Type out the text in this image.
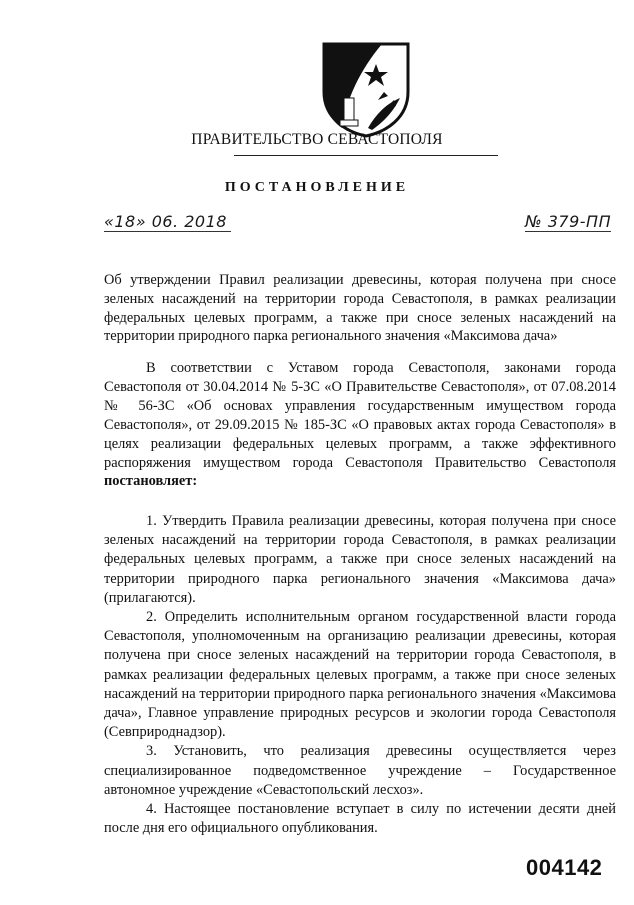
ПРАВИТЕЛЬСТВО СЕВАСТОПОЛЯ
ПОСТАНОВЛЕНИЕ
«18» 06. 2018	№ 379-ПП
Об утверждении Правил реализации древесины, которая получена при сносе зеленых насаждений на территории города Севастополя, в рамках реализации федеральных целевых программ, а также при сносе зеленых насаждений на территории природного парка регионального значения «Максимова дача»
В соответствии с Уставом города Севастополя, законами города Севастополя от 30.04.2014 № 5-ЗС «О Правительстве Севастополя», от 07.08.2014 № 56-ЗС «Об основах управления государственным имуществом города Севастополя», от 29.09.2015 № 185-ЗС «О правовых актах города Севастополя» в целях реализации федеральных целевых программ, а также эффективного распоряжения имуществом города Севастополя Правительство Севастополя постановляет:

1. Утвердить Правила реализации древесины, которая получена при сносе зеленых насаждений на территории города Севастополя, в рамках реализации федеральных целевых программ, а также при сносе зеленых насаждений на территории природного парка регионального значения «Максимова дача» (прилагаются).

2. Определить исполнительным органом государственной власти города Севастополя, уполномоченным на организацию реализации древесины, которая получена при сносе зеленых насаждений на территории города Севастополя, в рамках реализации федеральных целевых программ, а также при сносе зеленых насаждений на территории природного парка регионального значения «Максимова дача», Главное управление природных ресурсов и экологии города Севастополя (Севприроднадзор).

3. Установить, что реализация древесины осуществляется через специализированное подведомственное учреждение – Государственное автономное учреждение «Севастопольский лесхоз».

4. Настоящее постановление вступает в силу по истечении десяти дней после дня его официального опубликования.

004142
